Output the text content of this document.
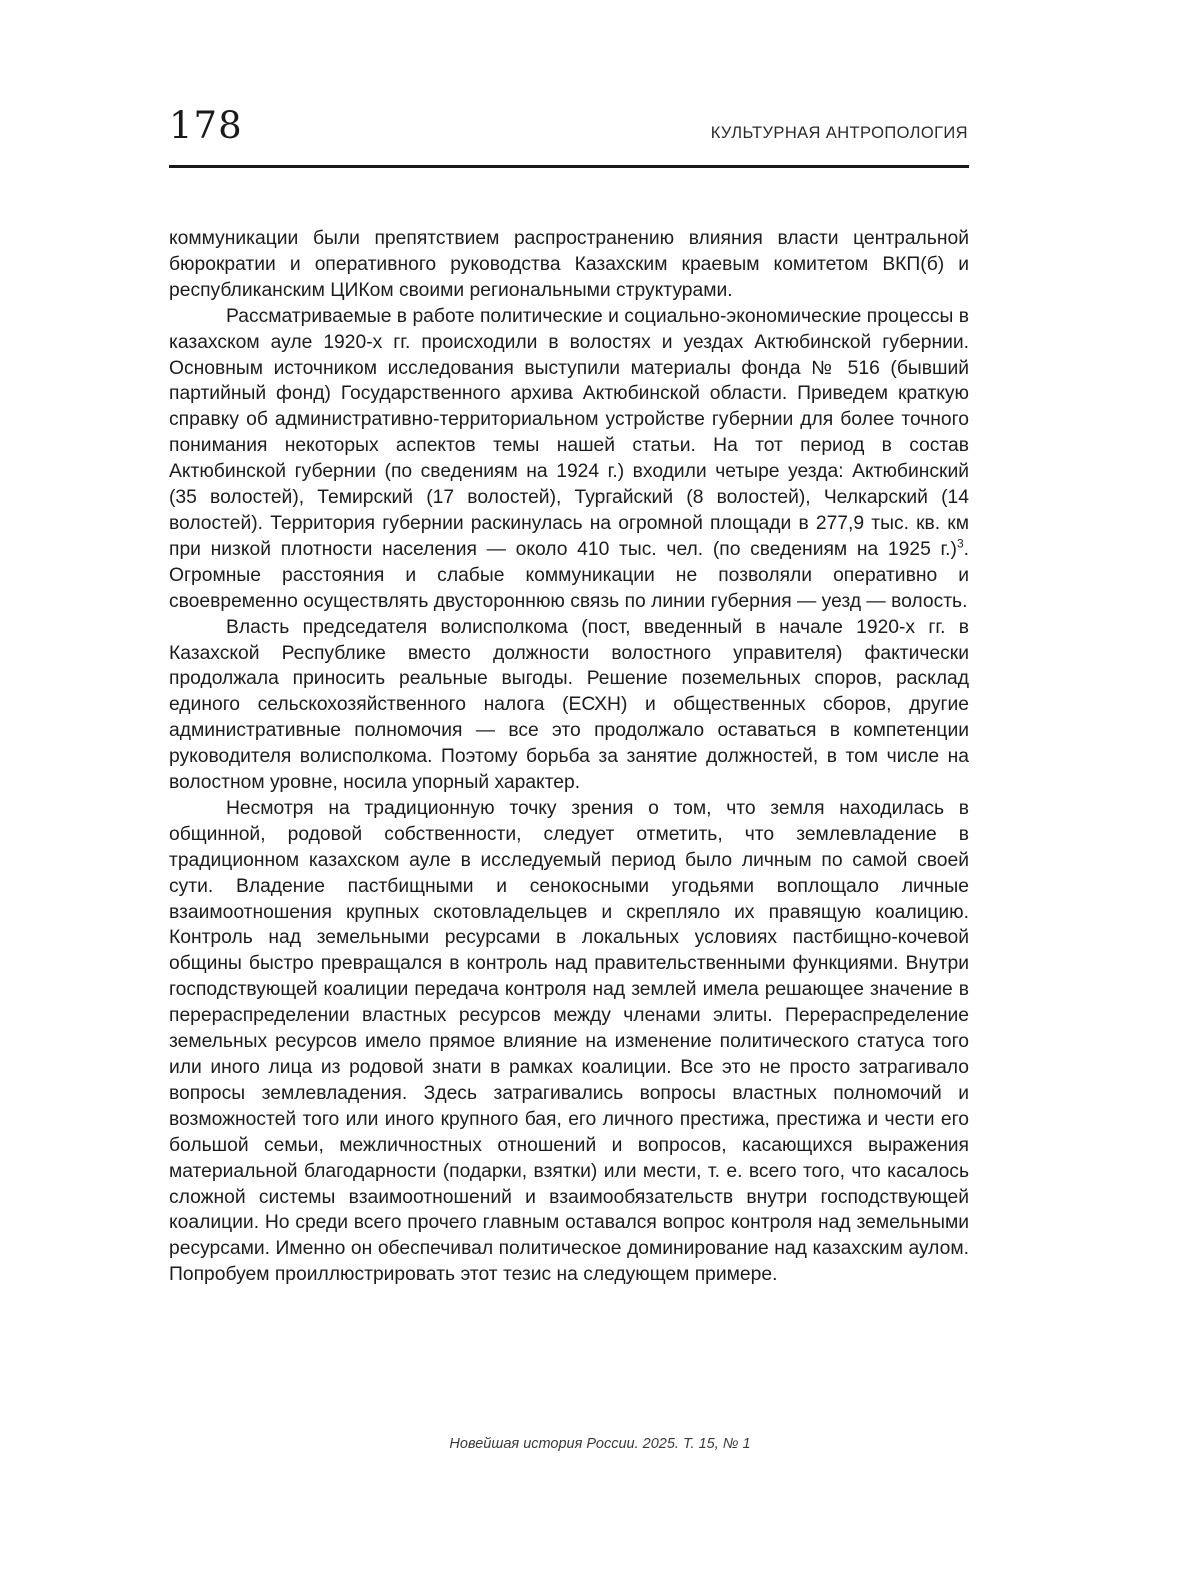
178	КУЛЬТУРНАЯ АНТРОПОЛОГИЯ

коммуникации были препятствием распространению влияния власти центральной бюрократии и оперативного руководства Казахским краевым комитетом ВКП(б) и республиканским ЦИКом своими региональными структурами.

Рассматриваемые в работе политические и социально-экономические процессы в казахском ауле 1920-х гг. происходили в волостях и уездах Актюбинской губернии. Основным источником исследования выступили материалы фонда № 516 (бывший партийный фонд) Государственного архива Актюбинской области. Приведем краткую справку об административно-территориальном устройстве губернии для более точного понимания некоторых аспектов темы нашей статьи. На тот период в состав Актюбинской губернии (по сведениям на 1924 г.) входили четыре уезда: Актюбинский (35 волостей), Темирский (17 волостей), Тургайский (8 волостей), Челкарский (14 волостей). Территория губернии раскинулась на огромной площади в 277,9 тыс. кв. км при низкой плотности населения — около 410 тыс. чел. (по сведениям на 1925 г.)$^3$. Огромные расстояния и слабые коммуникации не позволяли оперативно и своевременно осуществлять двустороннюю связь по линии губерния — уезд — волость.

Власть председателя волисполкома (пост, введенный в начале 1920-х гг. в Казахской Республике вместо должности волостного управителя) фактически продолжала приносить реальные выгоды. Решение поземельных споров, расклад единого сельскохозяйственного налога (ЕСХН) и общественных сборов, другие административные полномочия — все это продолжало оставаться в компетенции руководителя волисполкома. Поэтому борьба за занятие должностей, в том числе на волостном уровне, носила упорный характер.

Несмотря на традиционную точку зрения о том, что земля находилась в общинной, родовой собственности, следует отметить, что землевладение в традиционном казахском ауле в исследуемый период было личным по самой своей сути. Владение пастбищными и сенокосными угодьями воплощало личные взаимоотношения крупных скотовладельцев и скрепляло их правящую коалицию. Контроль над земельными ресурсами в локальных условиях пастбищно-кочевой общины быстро превращался в контроль над правительственными функциями. Внутри господствующей коалиции передача контроля над землей имела решающее значение в перераспределении властных ресурсов между членами элиты. Перераспределение земельных ресурсов имело прямое влияние на изменение политического статуса того или иного лица из родовой знати в рамках коалиции. Все это не просто затрагивало вопросы землевладения. Здесь затрагивались вопросы властных полномочий и возможностей того или иного крупного бая, его личного престижа, престижа и чести его большой семьи, межличностных отношений и вопросов, касающихся выражения материальной благодарности (подарки, взятки) или мести, т. е. всего того, что касалось сложной системы взаимоотношений и взаимообязательств внутри господствующей коалиции. Но среди всего прочего главным оставался вопрос контроля над земельными ресурсами. Именно он обеспечивал политическое доминирование над казахским аулом. Попробуем проиллюстрировать этот тезис на следующем примере.

Новейшая история России. 2025. Т. 15, № 1
